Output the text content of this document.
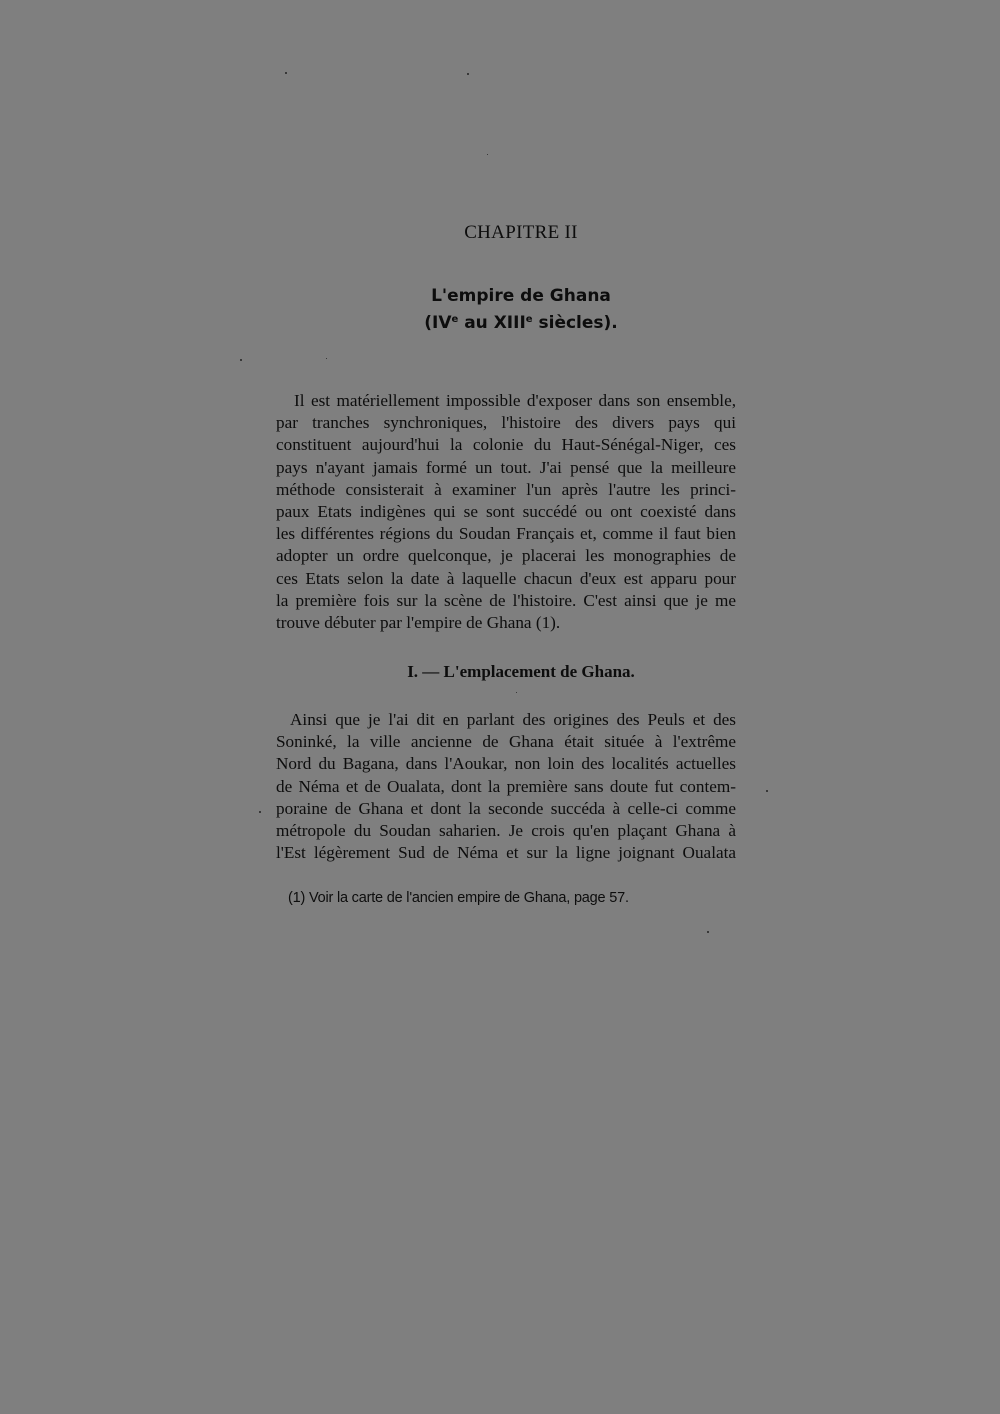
CHAPITRE II
L'empire de Ghana
(IVe au XIIIe siècles).
Il est matériellement impossible d'exposer dans son ensemble,
par tranches synchroniques, l'histoire des divers pays qui
constituent aujourd'hui la colonie du Haut-Sénégal-Niger, ces
pays n'ayant jamais formé un tout. J'ai pensé que la meilleure
méthode consisterait à examiner l'un après l'autre les princi-
paux Etats indigènes qui se sont succédé ou ont coexisté dans
les différentes régions du Soudan Français et, comme il faut bien
adopter un ordre quelconque, je placerai les monographies de
ces Etats selon la date à laquelle chacun d'eux est apparu pour
la première fois sur la scène de l'histoire. C'est ainsi que je me
trouve débuter par l'empire de Ghana (1).
I. — L'emplacement de Ghana.
Ainsi que je l'ai dit en parlant des origines des Peuls et des
Soninké, la ville ancienne de Ghana était située à l'extrême
Nord du Bagana, dans l'Aoukar, non loin des localités actuelles
de Néma et de Oualata, dont la première sans doute fut contem-
poraine de Ghana et dont la seconde succéda à celle-ci comme
métropole du Soudan saharien. Je crois qu'en plaçant Ghana à
l'Est légèrement Sud de Néma et sur la ligne joignant Oualata
(1) Voir la carte de l'ancien empire de Ghana, page 57.
